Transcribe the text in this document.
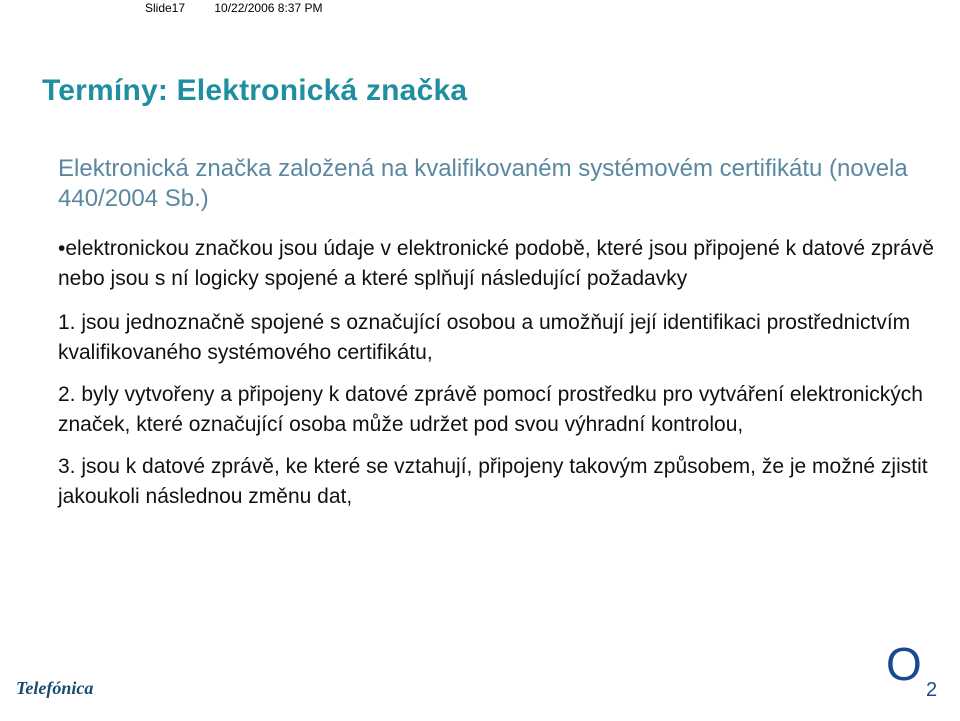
Slide17 10/22/2006 8:37 PM
Termíny: Elektronická značka
Elektronická značka založená na kvalifikovaném systémovém certifikátu (novela 440/2004 Sb.)

•elektronickou značkou jsou údaje v elektronické podobě, které jsou připojené k datové zprávě nebo jsou s ní logicky spojené a které splňují následující požadavky

1. jsou jednoznačně spojené s označující osobou a umožňují její identifikaci prostřednictvím kvalifikovaného systémového certifikátu,

2. byly vytvořeny a připojeny k datové zprávě pomocí prostředku pro vytváření elektronických značek, které označující osoba může udržet pod svou výhradní kontrolou,

3. jsou k datové zprávě, ke které se vztahují, připojeny takovým způsobem, že je možné zjistit jakoukoli následnou změnu dat,

Telefónica	O 2
